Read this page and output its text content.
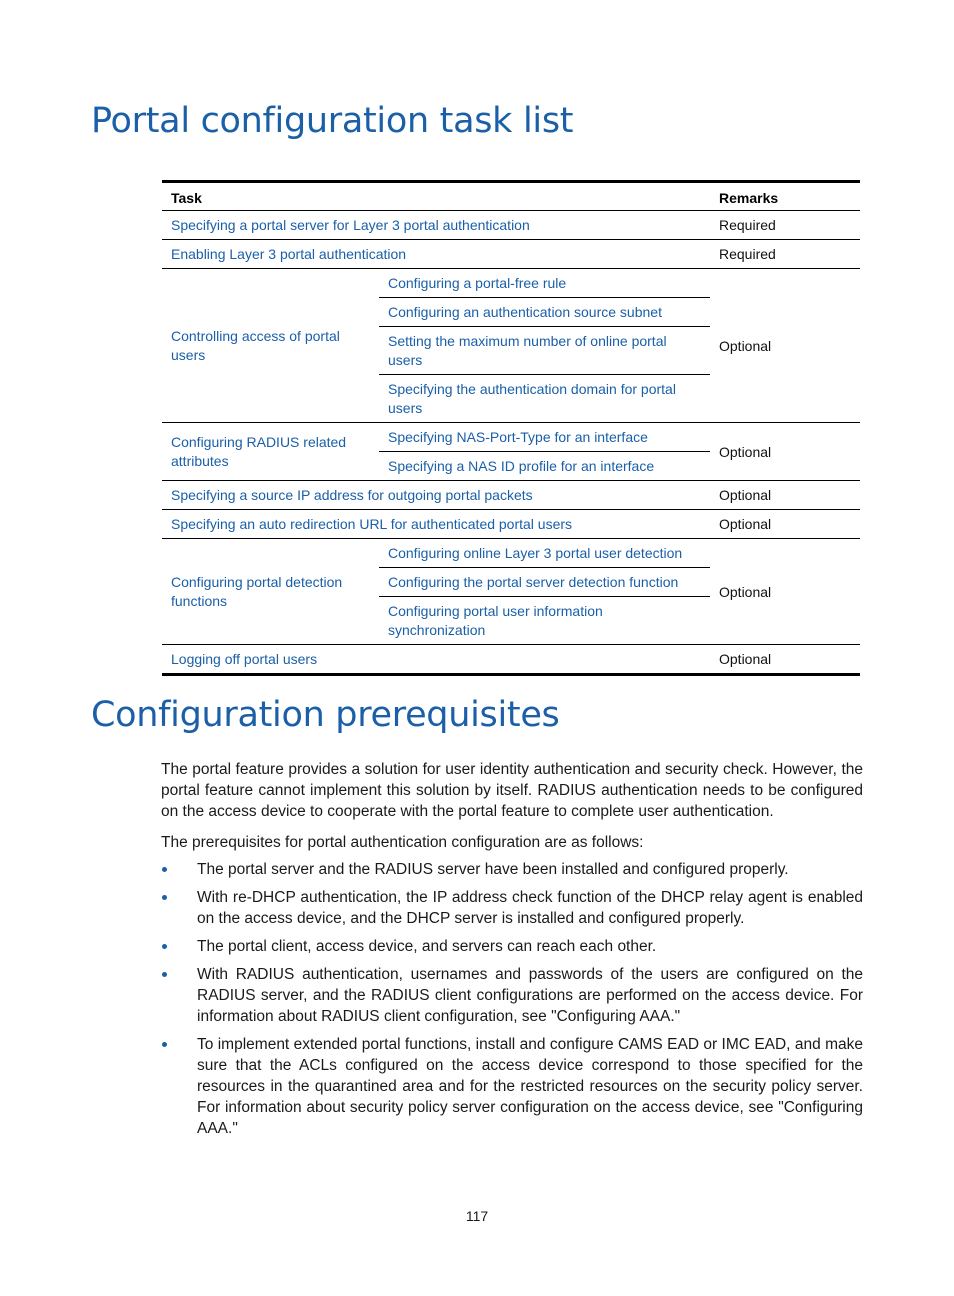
Portal configuration task list
Task		Remarks
Specifying a portal server for Layer 3 portal authentication		Required
Enabling Layer 3 portal authentication		Required
Controlling access of portal users	Configuring a portal-free rule	Optional
	Configuring an authentication source subnet	
	Setting the maximum number of online portal users	
	Specifying the authentication domain for portal users	
Configuring RADIUS related attributes	Specifying NAS-Port-Type for an interface	Optional
	Specifying a NAS ID profile for an interface	
Specifying a source IP address for outgoing portal packets		Optional
Specifying an auto redirection URL for authenticated portal users		Optional
Configuring portal detection functions	Configuring online Layer 3 portal user detection	Optional
	Configuring the portal server detection function	
	Configuring portal user information synchronization	
Logging off portal users		Optional
Configuration prerequisites

The portal feature provides a solution for user identity authentication and security check. However, the portal feature cannot implement this solution by itself. RADIUS authentication needs to be configured on the access device to cooperate with the portal feature to complete user authentication.

The prerequisites for portal authentication configuration are as follows:

The portal server and the RADIUS server have been installed and configured properly.
With re-DHCP authentication, the IP address check function of the DHCP relay agent is enabled on the access device, and the DHCP server is installed and configured properly.
The portal client, access device, and servers can reach each other.
With RADIUS authentication, usernames and passwords of the users are configured on the RADIUS server, and the RADIUS client configurations are performed on the access device. For information about RADIUS client configuration, see "Configuring AAA."
To implement extended portal functions, install and configure CAMS EAD or IMC EAD, and make sure that the ACLs configured on the access device correspond to those specified for the resources in the quarantined area and for the restricted resources on the security policy server. For information about security policy server configuration on the access device, see "Configuring AAA."
117
